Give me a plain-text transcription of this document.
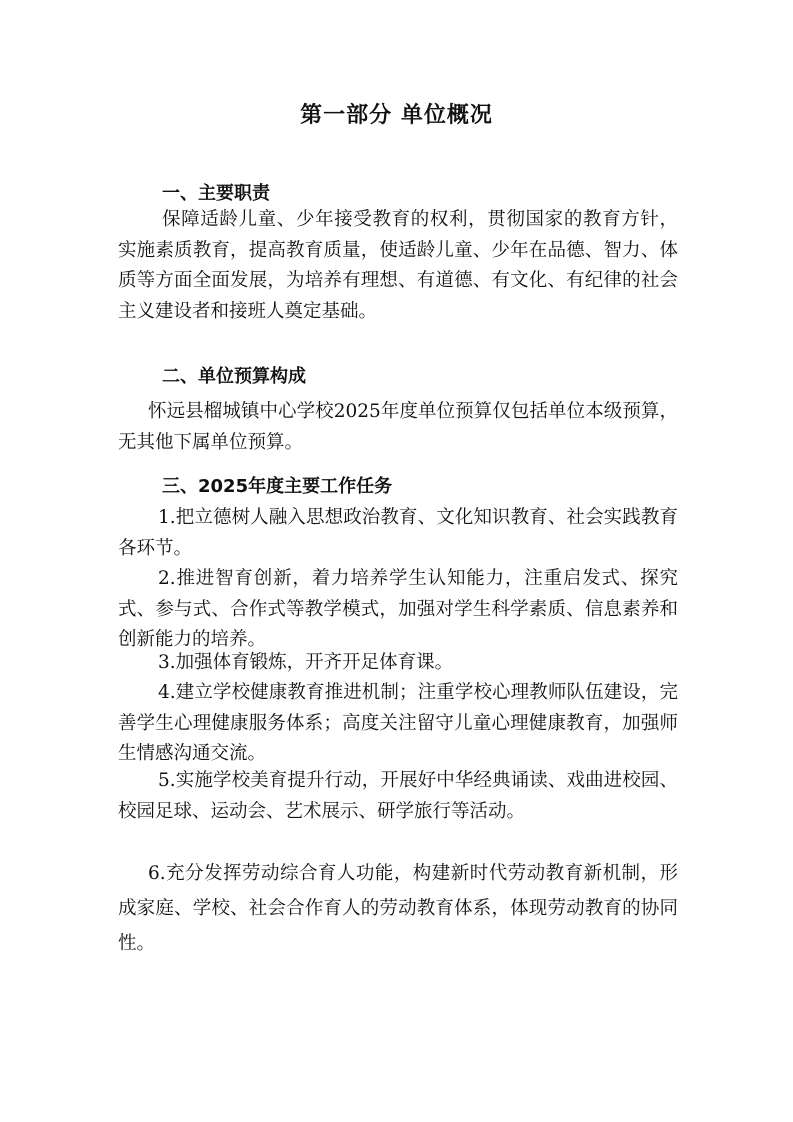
第一部分 单位概况
一、主要职责
保障适龄儿童、少年接受教育的权利，贯彻国家的教育方针，实施素质教育，提高教育质量，使适龄儿童、少年在品德、智力、体质等方面全面发展，为培养有理想、有道德、有文化、有纪律的社会主义建设者和接班人奠定基础。
二、单位预算构成
怀远县榴城镇中心学校2025年度单位预算仅包括单位本级预算，无其他下属单位预算。
三、2025年度主要工作任务
1.把立德树人融入思想政治教育、文化知识教育、社会实践教育各环节。
2.推进智育创新，着力培养学生认知能力，注重启发式、探究式、参与式、合作式等教学模式，加强对学生科学素质、信息素养和创新能力的培养。
3.加强体育锻炼，开齐开足体育课。
4.建立学校健康教育推进机制；注重学校心理教师队伍建设，完善学生心理健康服务体系；高度关注留守儿童心理健康教育，加强师生情感沟通交流。
5.实施学校美育提升行动，开展好中华经典诵读、戏曲进校园、校园足球、运动会、艺术展示、研学旅行等活动。
6.充分发挥劳动综合育人功能，构建新时代劳动教育新机制，形成家庭、学校、社会合作育人的劳动教育体系，体现劳动教育的协同性。
